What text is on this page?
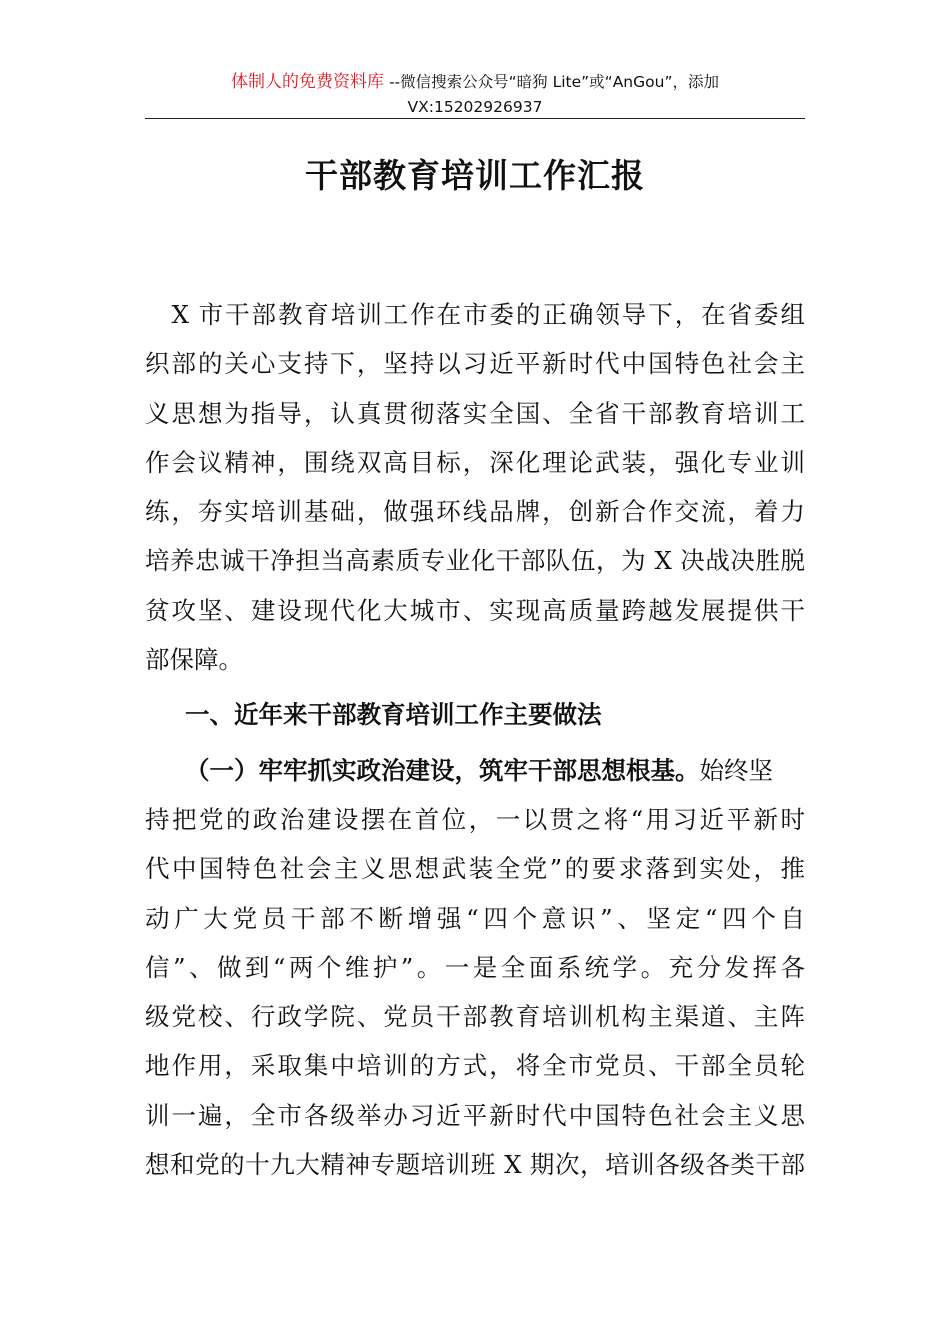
体制人的免费资料库 --微信搜索公众号“暗狗 Lite”或“AnGou”，添加
VX:15202926937
干部教育培训工作汇报
　X 市干部教育培训工作在市委的正确领导下，在省委组
织部的关心支持下，坚持以习近平新时代中国特色社会主
义思想为指导，认真贯彻落实全国、全省干部教育培训工
作会议精神，围绕双高目标，深化理论武装，强化专业训
练，夯实培训基础，做强环线品牌，创新合作交流，着力
培养忠诚干净担当高素质专业化干部队伍，为 X 决战决胜脱
贫攻坚、建设现代化大城市、实现高质量跨越发展提供干
部保障。
一、近年来干部教育培训工作主要做法
（一）牢牢抓实政治建设，筑牢干部思想根基。始终坚
持把党的政治建设摆在首位，一以贯之将“用习近平新时
代中国特色社会主义思想武装全党”的要求落到实处，推
动广大党员干部不断增强“四个意识”、坚定“四个自
信”、做到“两个维护”。一是全面系统学。充分发挥各
级党校、行政学院、党员干部教育培训机构主渠道、主阵
地作用，采取集中培训的方式，将全市党员、干部全员轮
训一遍，全市各级举办习近平新时代中国特色社会主义思
想和党的十九大精神专题培训班 X 期次，培训各级各类干部
